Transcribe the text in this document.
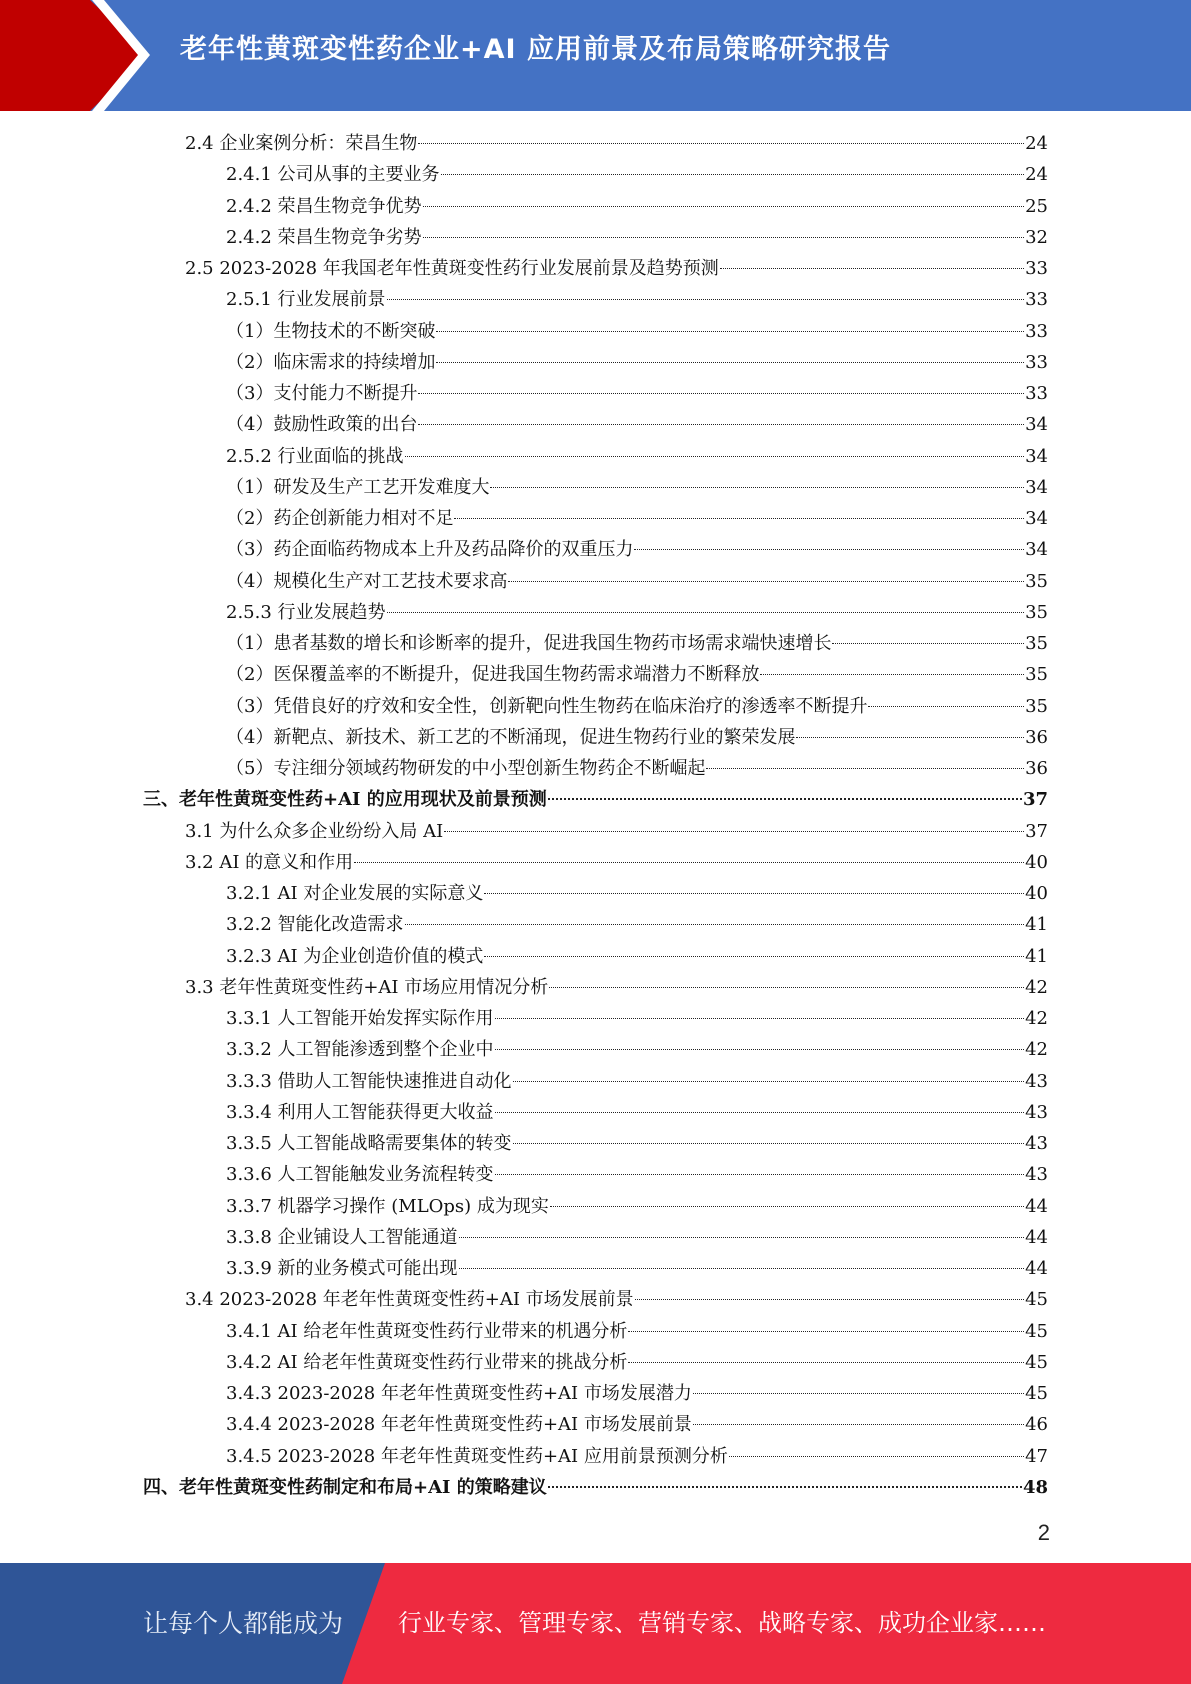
老年性黄斑变性药企业+AI 应用前景及布局策略研究报告
2.4 企业案例分析：荣昌生物	24
2.4.1 公司从事的主要业务	24
2.4.2 荣昌生物竞争优势	25
2.4.2 荣昌生物竞争劣势	32
2.5 2023-2028 年我国老年性黄斑变性药行业发展前景及趋势预测	33
2.5.1 行业发展前景	33
（1）生物技术的不断突破	33
（2）临床需求的持续增加	33
（3）支付能力不断提升	33
（4）鼓励性政策的出台	34
2.5.2 行业面临的挑战	34
（1）研发及生产工艺开发难度大	34
（2）药企创新能力相对不足	34
（3）药企面临药物成本上升及药品降价的双重压力	34
（4）规模化生产对工艺技术要求高	35
2.5.3 行业发展趋势	35
（1）患者基数的增长和诊断率的提升，促进我国生物药市场需求端快速增长	35
（2）医保覆盖率的不断提升，促进我国生物药需求端潜力不断释放	35
（3）凭借良好的疗效和安全性，创新靶向性生物药在临床治疗的渗透率不断提升	35
（4）新靶点、新技术、新工艺的不断涌现，促进生物药行业的繁荣发展	36
（5）专注细分领域药物研发的中小型创新生物药企不断崛起	36
三、老年性黄斑变性药+AI 的应用现状及前景预测	37
3.1 为什么众多企业纷纷入局 AI	37
3.2 AI 的意义和作用	40
3.2.1 AI 对企业发展的实际意义	40
3.2.2 智能化改造需求	41
3.2.3 AI 为企业创造价值的模式	41
3.3 老年性黄斑变性药+AI 市场应用情况分析	42
3.3.1 人工智能开始发挥实际作用	42
3.3.2 人工智能渗透到整个企业中	42
3.3.3 借助人工智能快速推进自动化	43
3.3.4 利用人工智能获得更大收益	43
3.3.5 人工智能战略需要集体的转变	43
3.3.6 人工智能触发业务流程转变	43
3.3.7 机器学习操作 (MLOps) 成为现实	44
3.3.8 企业铺设人工智能通道	44
3.3.9 新的业务模式可能出现	44
3.4 2023-2028 年老年性黄斑变性药+AI 市场发展前景	45
3.4.1 AI 给老年性黄斑变性药行业带来的机遇分析	45
3.4.2 AI 给老年性黄斑变性药行业带来的挑战分析	45
3.4.3 2023-2028 年老年性黄斑变性药+AI 市场发展潜力	45
3.4.4 2023-2028 年老年性黄斑变性药+AI 市场发展前景	46
3.4.5 2023-2028 年老年性黄斑变性药+AI 应用前景预测分析	47
四、老年性黄斑变性药制定和布局+AI 的策略建议	48
2
让每个人都能成为 行业专家、管理专家、营销专家、战略专家、成功企业家……
